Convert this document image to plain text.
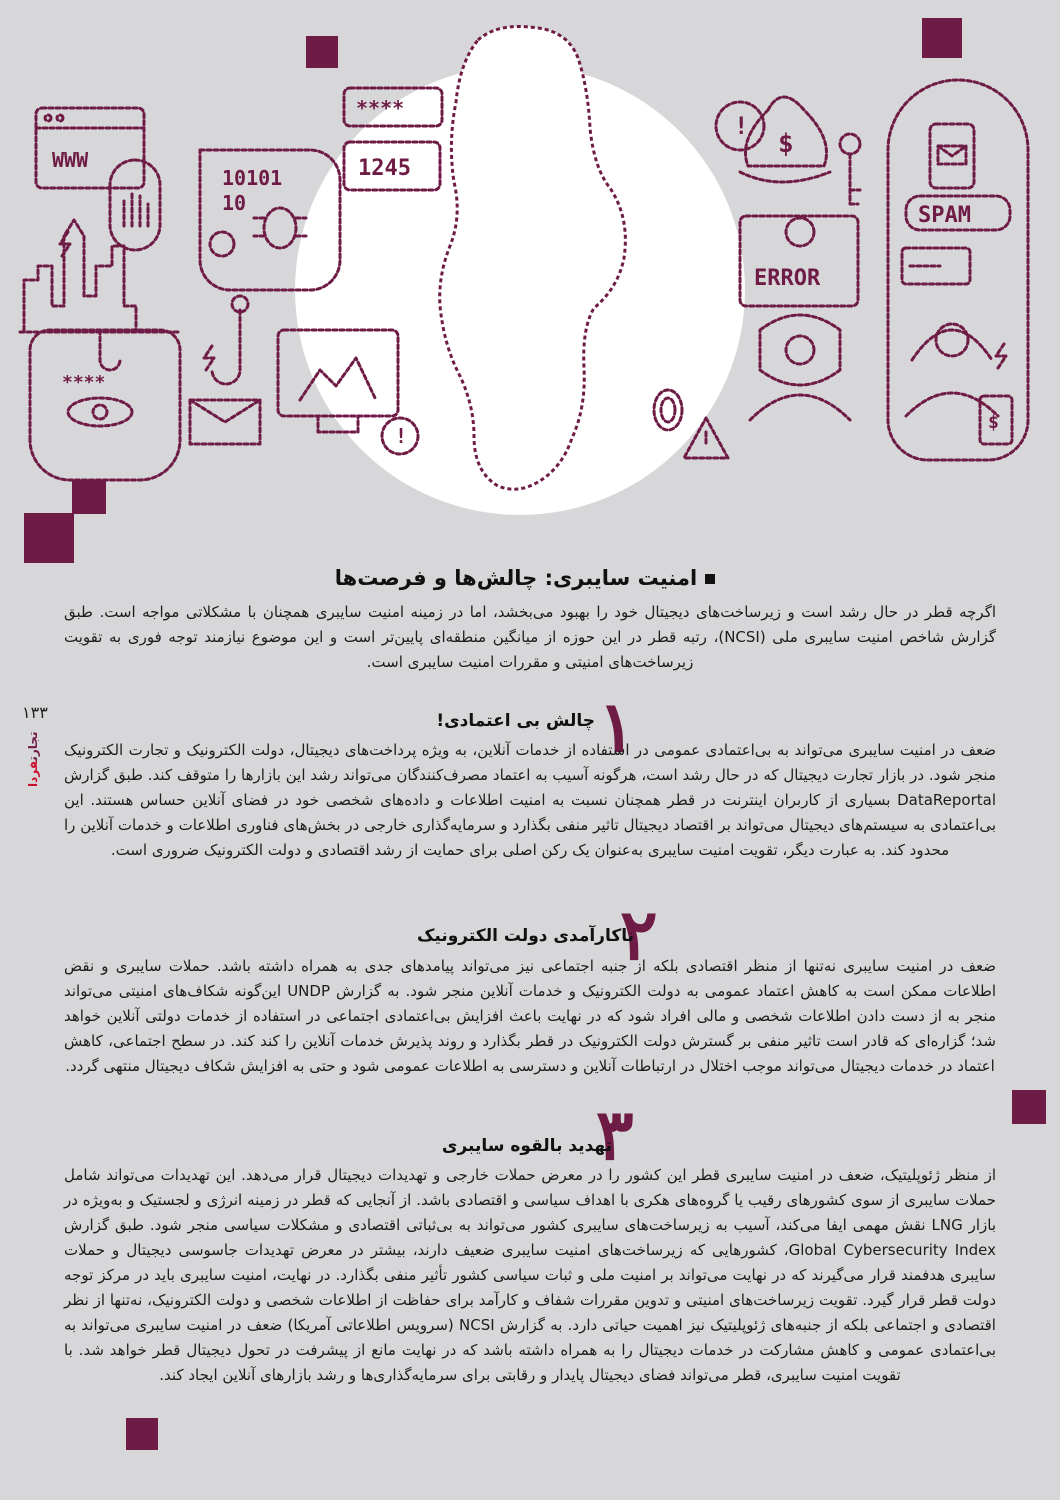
WWW
****
10101
10
****
1245
!
!
$
ERROR
SPAM
$
۱۳۳
تجارتفردا
امنیت سایبری: چالش‌ها و فرصت‌ها

اگرچه قطر در حال رشد است و زیرساخت‌های دیجیتال خود را بهبود می‌بخشد، اما در زمینه امنیت سایبری همچنان با مشکلاتی مواجه است. طبق گزارش شاخص امنیت سایبری ملی (NCSI)، رتبه قطر در این حوزه از میانگین منطقه‌ای پایین‌تر است و این موضوع نیازمند توجه فوری به تقویت زیرساخت‌های امنیتی و مقررات امنیت سایبری است.

۱
چالش بی اعتمادی!

ضعف در امنیت سایبری می‌تواند به بی‌اعتمادی عمومی در استفاده از خدمات آنلاین، به ویژه پرداخت‌های دیجیتال، دولت الکترونیک و تجارت الکترونیک منجر شود. در بازار تجارت دیجیتال که در حال رشد است، هرگونه آسیب به اعتماد مصرف‌کنندگان می‌تواند رشد این بازارها را متوقف کند. طبق گزارش DataReportal بسیاری از کاربران اینترنت در قطر همچنان نسبت به امنیت اطلاعات و داده‌های شخصی خود در فضای آنلاین حساس هستند. این بی‌اعتمادی به سیستم‌های دیجیتال می‌تواند بر اقتصاد دیجیتال تاثیر منفی بگذارد و سرمایه‌گذاری خارجی در بخش‌های فناوری اطلاعات و خدمات آنلاین را محدود کند. به عبارت دیگر، تقویت امنیت سایبری به‌عنوان یک رکن اصلی برای حمایت از رشد اقتصادی و دولت الکترونیک ضروری است.

۲
ناکارآمدی دولت الکترونیک

ضعف در امنیت سایبری نه‌تنها از منظر اقتصادی بلکه از جنبه اجتماعی نیز می‌تواند پیامدهای جدی به همراه داشته باشد. حملات سایبری و نقض اطلاعات ممکن است به کاهش اعتماد عمومی به دولت الکترونیک و خدمات آنلاین منجر شود. به گزارش UNDP این‌گونه شکاف‌های امنیتی می‌تواند منجر به از دست دادن اطلاعات شخصی و مالی افراد شود که در نهایت باعث افزایش بی‌اعتمادی اجتماعی در استفاده از خدمات دولتی آنلاین خواهد شد؛ گزاره‌ای که قادر است تاثیر منفی بر گسترش دولت الکترونیک در قطر بگذارد و روند پذیرش خدمات آنلاین را کند کند. در سطح اجتماعی، کاهش اعتماد در خدمات دیجیتال می‌تواند موجب اختلال در ارتباطات آنلاین و دسترسی به اطلاعات عمومی شود و حتی به افزایش شکاف دیجیتال منتهی گردد.

۳
تهدید بالقوه سایبری

از منظر ژئوپلیتیک، ضعف در امنیت سایبری قطر این کشور را در معرض حملات خارجی و تهدیدات دیجیتال قرار می‌دهد. این تهدیدات می‌تواند شامل حملات سایبری از سوی کشورهای رقیب یا گروه‌های هکری با اهداف سیاسی و اقتصادی باشد. از آنجایی که قطر در زمینه انرژی و لجستیک و به‌ویژه در بازار LNG نقش مهمی ایفا می‌کند، آسیب به زیرساخت‌های سایبری کشور می‌تواند به بی‌ثباتی اقتصادی و مشکلات سیاسی منجر شود. طبق گزارش Global Cybersecurity Index، کشورهایی که زیرساخت‌های امنیت سایبری ضعیف دارند، بیشتر در معرض تهدیدات جاسوسی دیجیتال و حملات سایبری هدفمند قرار می‌گیرند که در نهایت می‌تواند بر امنیت ملی و ثبات سیاسی کشور تأثیر منفی بگذارد. در نهایت، امنیت سایبری باید در مرکز توجه دولت قطر قرار گیرد. تقویت زیرساخت‌های امنیتی و تدوین مقررات شفاف و کارآمد برای حفاظت از اطلاعات شخصی و دولت الکترونیک، نه‌تنها از نظر اقتصادی و اجتماعی بلکه از جنبه‌های ژئوپلیتیک نیز اهمیت حیاتی دارد. به گزارش NCSI (سرویس اطلاعاتی آمریکا) ضعف در امنیت سایبری می‌تواند به بی‌اعتمادی عمومی و کاهش مشارکت در خدمات دیجیتال را به همراه داشته باشد که در نهایت مانع از پیشرفت در تحول دیجیتال قطر خواهد شد. با تقویت امنیت سایبری، قطر می‌تواند فضای دیجیتال پایدار و رقابتی برای سرمایه‌گذاری‌ها و رشد بازارهای آنلاین ایجاد کند.
